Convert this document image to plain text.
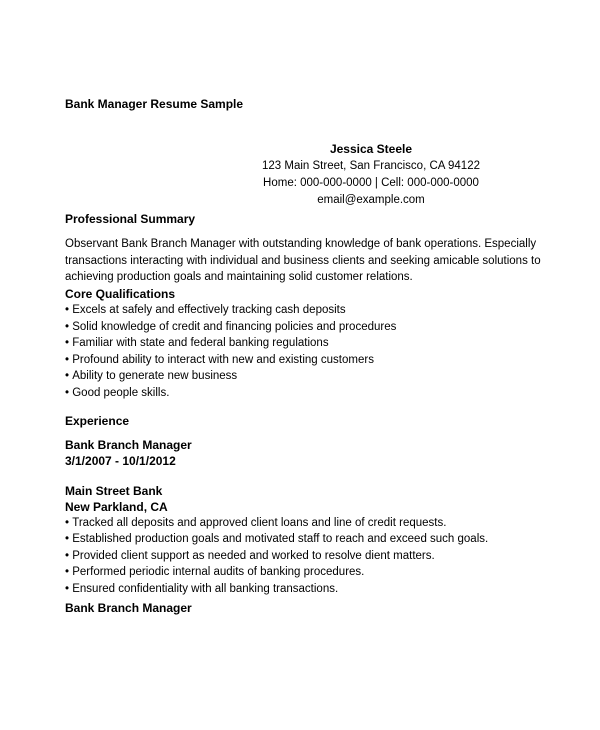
Bank Manager Resume Sample
Jessica Steele
123 Main Street, San Francisco, CA 94122
Home: 000-000-0000 | Cell: 000-000-0000
email@example.com
Professional Summary
Observant Bank Branch Manager with outstanding knowledge of bank operations. Especially
transactions interacting with individual and business clients and seeking amicable solutions to
achieving production goals and maintaining solid customer relations.
Core Qualifications
• Excels at safely and effectively tracking cash deposits
• Solid knowledge of credit and financing policies and procedures
• Familiar with state and federal banking regulations
• Profound ability to interact with new and existing customers
• Ability to generate new business
• Good people skills.
Experience
Bank Branch Manager
3/1/2007 - 10/1/2012
Main Street Bank
New Parkland, CA
• Tracked all deposits and approved client loans and line of credit requests.
• Established production goals and motivated staff to reach and exceed such goals.
• Provided client support as needed and worked to resolve dient matters.
• Performed periodic internal audits of banking procedures.
• Ensured confidentiality with all banking transactions.
Bank Branch Manager
